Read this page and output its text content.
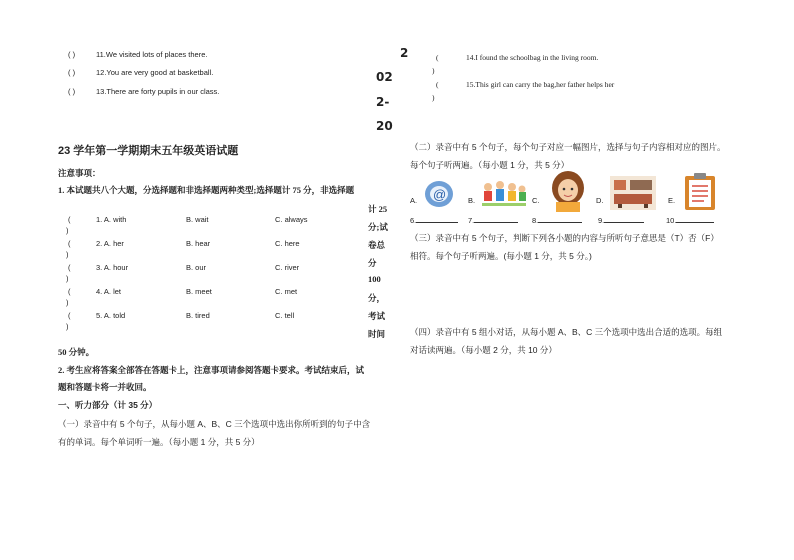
( )	11.We visited lots of places there.
( )	12.You are very good at basketball.
( )	13.There are forty pupils in our class.
2
02
2-
20
23 学年第一学期期末五年级英语试题
注意事项：
1. 本试题共八个大题，分选择题和非选择题两种类型;选择题计 75 分，非选择题
计 25
分;试
卷总
分
100
分，
考试
时间
(
)
1. A. with	B. wait	C. always
(
)
2. A. her	B. hear	C. here
(
)
3. A. hour	B. our	C. river
(
)
4. A. let	B. meet	C. met
(
)
5. A. told	B. tired	C. tell
50 分钟。
2. 考生应将答案全部答在答题卡上，注意事项请参阅答题卡要求。考试结束后，试
题和答题卡将一并收回。
一、听力部分（计 35 分）
（一）录音中有 5 个句子，从每小题 A、B、C 三个选项中选出你所听到的句子中含
有的单词。每个单词听一遍。（每小题 1 分，共 5 分）
(	14.I found the schoolbag in the living room.
)
(	15.This girl can carry the bag,her father helps her
)
（二）录音中有 5 个句子，每个句子对应一幅图片，选择与句子内容相对应的图片。
每个句子听两遍。（每小题 1 分，共 5 分）
A. @	B.	C.	D.	E.
6.	7.	8.	9.	10.
（三）录音中有 5 个句子，判断下列各小题的内容与所听句子意思是（T）否（F）
相符。每个句子听两遍。(每小题 1 分，共 5 分。)
（四）录音中有 5 组小对话，从每小题 A、B、C 三个选项中选出合适的选项。每组
对话读两遍。（每小题 2 分，共 10 分）
